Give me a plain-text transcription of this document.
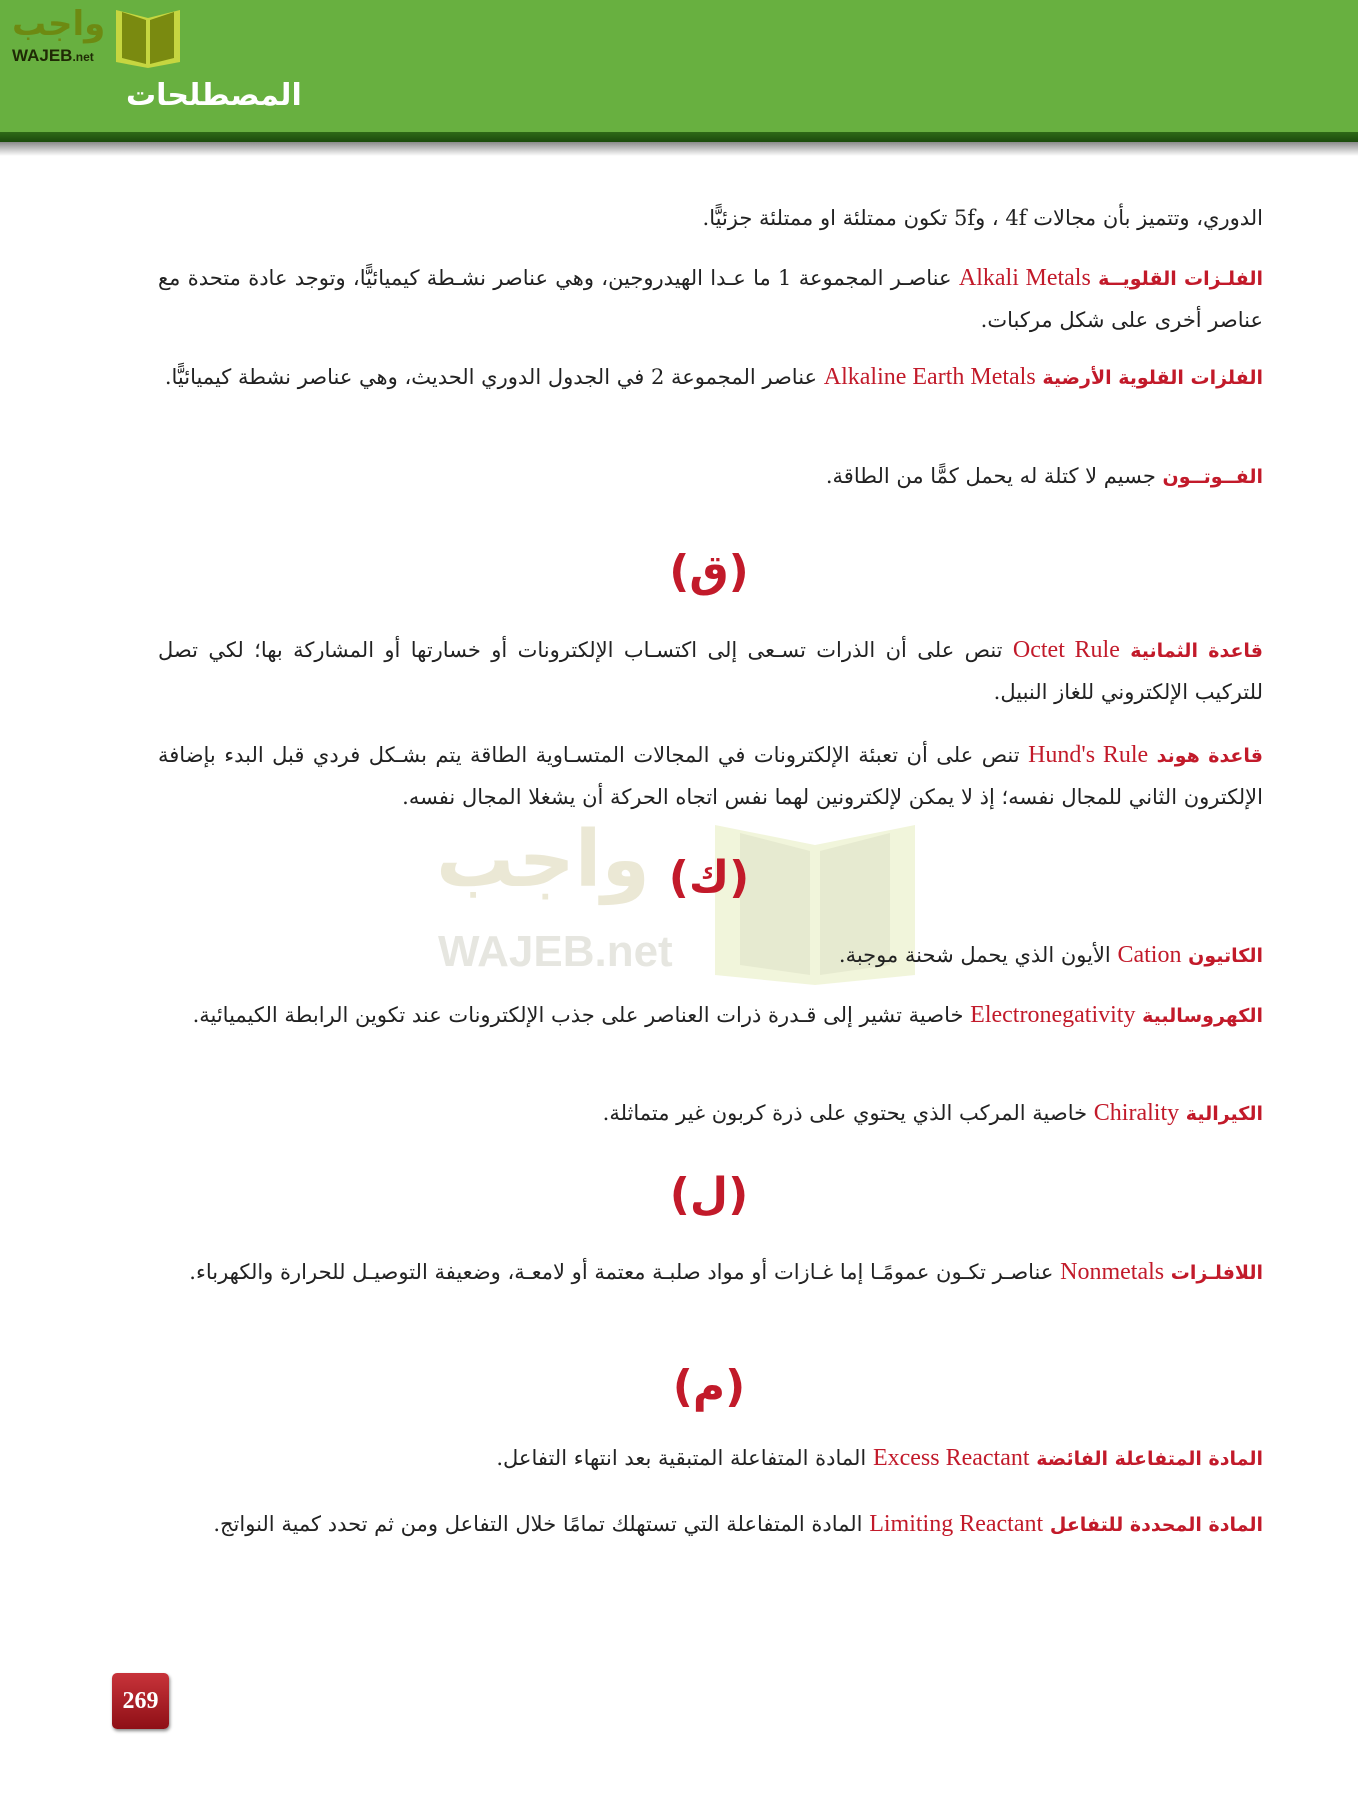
واجب
WAJEB.net
المصطلحات
واجب
WAJEB.net

الدوري، وتتميز بأن مجالات 4f ، و5f تكون ممتلئة او ممتلئة جزئيًّا.

الفلـزات القلويــة Alkali Metals عناصـر المجموعة 1 ما عـدا الهيدروجين، وهي عناصر نشـطة كيميائيًّا، وتوجد عادة متحدة مع عناصر أخرى على شكل مركبات.

الفلزات القلوية الأرضية Alkaline Earth Metals عناصر المجموعة 2 في الجدول الدوري الحديث، وهي عناصر نشطة كيميائيًّا.

الفــوتــون جسيم لا كتلة له يحمل كمًّا من الطاقة.

(ق)

قاعدة الثمانية Octet Rule تنص على أن الذرات تسـعى إلى اكتسـاب الإلكترونات أو خسارتها أو المشاركة بها؛ لكي تصل للتركيب الإلكتروني للغاز النبيل.

قاعدة هوند Hund's Rule تنص على أن تعبئة الإلكترونات في المجالات المتسـاوية الطاقة يتم بشـكل فردي قبل البدء بإضافة الإلكترون الثاني للمجال نفسه؛ إذ لا يمكن لإلكترونين لهما نفس اتجاه الحركة أن يشغلا المجال نفسه.

(ك)

الكاتيون Cation الأيون الذي يحمل شحنة موجبة.

الكهروسالبية Electronegativity خاصية تشير إلى قـدرة ذرات العناصر على جذب الإلكترونات عند تكوين الرابطة الكيميائية.

الكيرالية Chirality خاصية المركب الذي يحتوي على ذرة كربون غير متماثلة.

(ل)

اللافلـزات Nonmetals عناصـر تكـون عمومًـا إما غـازات أو مواد صلبـة معتمة أو لامعـة، وضعيفة التوصيـل للحرارة والكهرباء.

(م)

المادة المتفاعلة الفائضة Excess Reactant المادة المتفاعلة المتبقية بعد انتهاء التفاعل.

المادة المحددة للتفاعل Limiting Reactant المادة المتفاعلة التي تستهلك تمامًا خلال التفاعل ومن ثم تحدد كمية النواتج.

269
